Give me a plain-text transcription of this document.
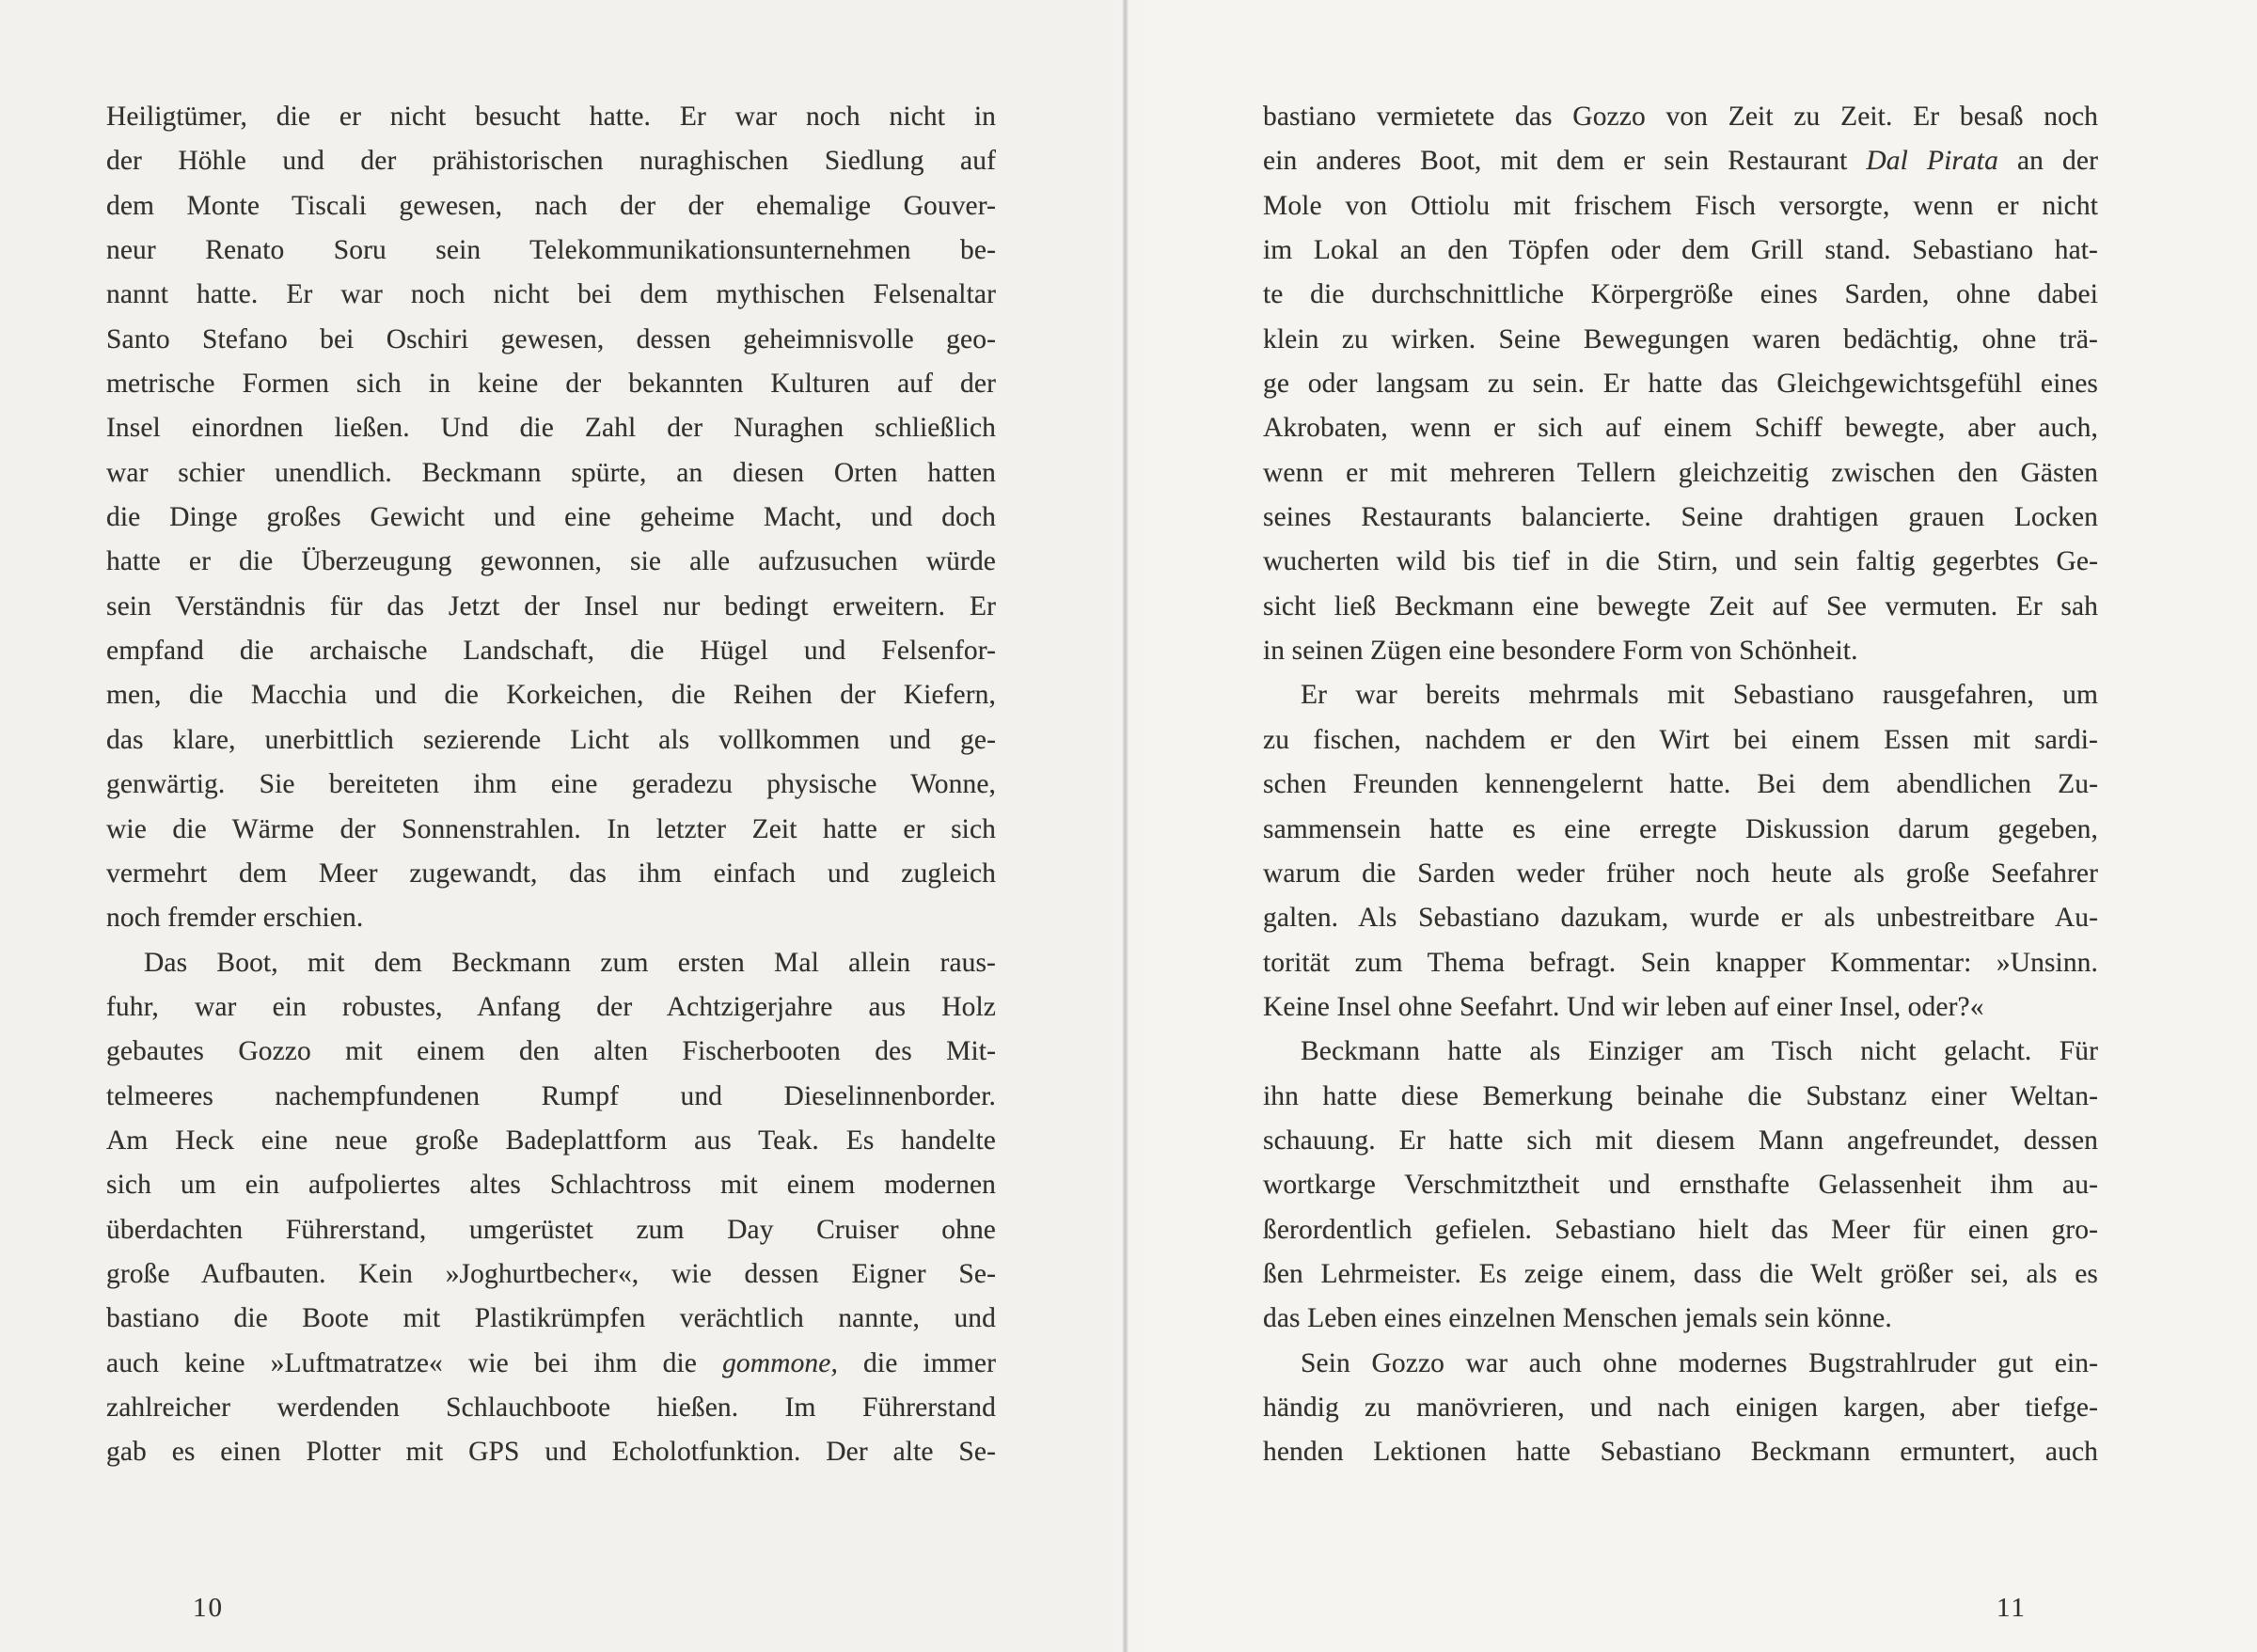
Heiligtümer, die er nicht besucht hatte. Er war noch nicht in
der Höhle und der prähistorischen nuraghischen Siedlung auf
dem Monte Tiscali gewesen, nach der der ehemalige Gouver-
neur Renato Soru sein Telekommunikationsunternehmen be-
nannt hatte. Er war noch nicht bei dem mythischen Felsenaltar
Santo Stefano bei Oschiri gewesen, dessen geheimnisvolle geo-
metrische Formen sich in keine der bekannten Kulturen auf der
Insel einordnen ließen. Und die Zahl der Nuraghen schließlich
war schier unendlich. Beckmann spürte, an diesen Orten hatten
die Dinge großes Gewicht und eine geheime Macht, und doch
hatte er die Überzeugung gewonnen, sie alle aufzusuchen würde
sein Verständnis für das Jetzt der Insel nur bedingt erweitern. Er
empfand die archaische Landschaft, die Hügel und Felsenfor-
men, die Macchia und die Korkeichen, die Reihen der Kiefern,
das klare, unerbittlich sezierende Licht als vollkommen und ge-
genwärtig. Sie bereiteten ihm eine geradezu physische Wonne,
wie die Wärme der Sonnenstrahlen. In letzter Zeit hatte er sich
vermehrt dem Meer zugewandt, das ihm einfach und zugleich
noch fremder erschien.
Das Boot, mit dem Beckmann zum ersten Mal allein raus-
fuhr, war ein robustes, Anfang der Achtzigerjahre aus Holz
gebautes Gozzo mit einem den alten Fischerbooten des Mit-
telmeeres nachempfundenen Rumpf und Dieselinnenborder.
Am Heck eine neue große Badeplattform aus Teak. Es handelte
sich um ein aufpoliertes altes Schlachtross mit einem modernen
überdachten Führerstand, umgerüstet zum Day Cruiser ohne
große Aufbauten. Kein »Joghurtbecher«, wie dessen Eigner Se-
bastiano die Boote mit Plastikrümpfen verächtlich nannte, und
auch keine »Luftmatratze« wie bei ihm die gommone, die immer
zahlreicher werdenden Schlauchboote hießen. Im Führerstand
gab es einen Plotter mit GPS und Echolotfunktion. Der alte Se-
10
bastiano vermietete das Gozzo von Zeit zu Zeit. Er besaß noch
ein anderes Boot, mit dem er sein Restaurant Dal Pirata an der
Mole von Ottiolu mit frischem Fisch versorgte, wenn er nicht
im Lokal an den Töpfen oder dem Grill stand. Sebastiano hat-
te die durchschnittliche Körpergröße eines Sarden, ohne dabei
klein zu wirken. Seine Bewegungen waren bedächtig, ohne trä-
ge oder langsam zu sein. Er hatte das Gleichgewichtsgefühl eines
Akrobaten, wenn er sich auf einem Schiff bewegte, aber auch,
wenn er mit mehreren Tellern gleichzeitig zwischen den Gästen
seines Restaurants balancierte. Seine drahtigen grauen Locken
wucherten wild bis tief in die Stirn, und sein faltig gegerbtes Ge-
sicht ließ Beckmann eine bewegte Zeit auf See vermuten. Er sah
in seinen Zügen eine besondere Form von Schönheit.
Er war bereits mehrmals mit Sebastiano rausgefahren, um
zu fischen, nachdem er den Wirt bei einem Essen mit sardi-
schen Freunden kennengelernt hatte. Bei dem abendlichen Zu-
sammensein hatte es eine erregte Diskussion darum gegeben,
warum die Sarden weder früher noch heute als große Seefahrer
galten. Als Sebastiano dazukam, wurde er als unbestreitbare Au-
torität zum Thema befragt. Sein knapper Kommentar: »Unsinn.
Keine Insel ohne Seefahrt. Und wir leben auf einer Insel, oder?«
Beckmann hatte als Einziger am Tisch nicht gelacht. Für
ihn hatte diese Bemerkung beinahe die Substanz einer Weltan-
schauung. Er hatte sich mit diesem Mann angefreundet, dessen
wortkarge Verschmitztheit und ernsthafte Gelassenheit ihm au-
ßerordentlich gefielen. Sebastiano hielt das Meer für einen gro-
ßen Lehrmeister. Es zeige einem, dass die Welt größer sei, als es
das Leben eines einzelnen Menschen jemals sein könne.
Sein Gozzo war auch ohne modernes Bugstrahlruder gut ein-
händig zu manövrieren, und nach einigen kargen, aber tiefge-
henden Lektionen hatte Sebastiano Beckmann ermuntert, auch
11
